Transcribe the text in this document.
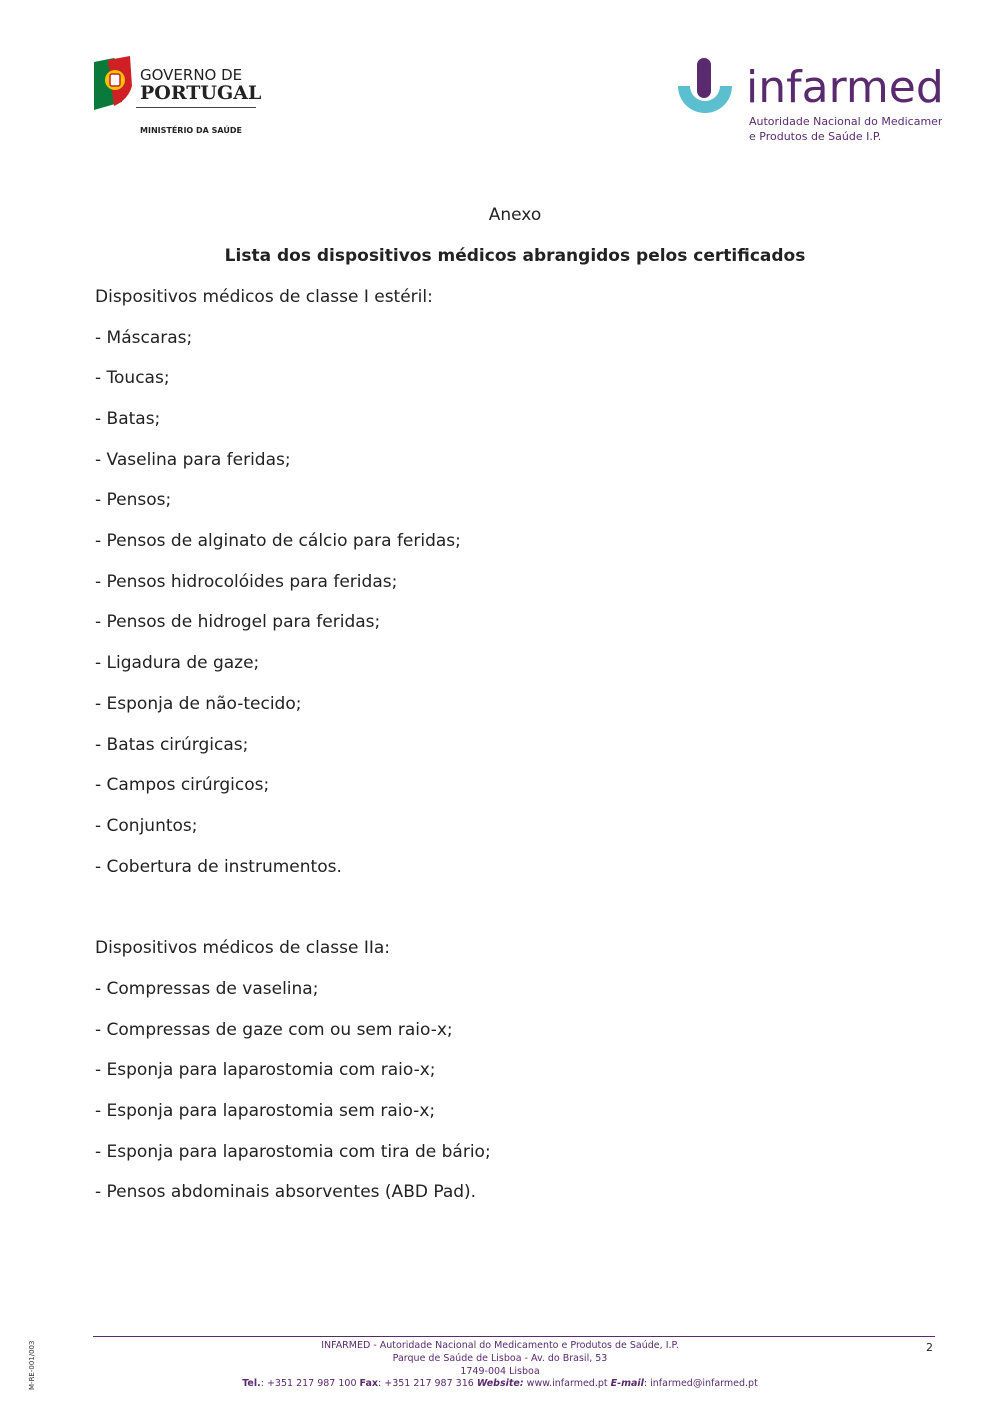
GOVERNO DE
PORTUGAL
MINISTÉRIO DA SAÚDE
infarmed
Autoridade Nacional do Medicamento
e Produtos de Saúde I.P.
Anexo
Lista dos dispositivos médicos abrangidos pelos certificados
Dispositivos médicos de classe I estéril:
- Máscaras;
- Toucas;
- Batas;
- Vaselina para feridas;
- Pensos;
- Pensos de alginato de cálcio para feridas;
- Pensos hidrocolóides para feridas;
- Pensos de hidrogel para feridas;
- Ligadura de gaze;
- Esponja de não-tecido;
- Batas cirúrgicas;
- Campos cirúrgicos;
- Conjuntos;
- Cobertura de instrumentos.
Dispositivos médicos de classe IIa:
- Compressas de vaselina;
- Compressas de gaze com ou sem raio-x;
- Esponja para laparostomia com raio-x;
- Esponja para laparostomia sem raio-x;
- Esponja para laparostomia com tira de bário;
- Pensos abdominais absorventes (ABD Pad).
INFARMED - Autoridade Nacional do Medicamento e Produtos de Saúde, I.P.
Parque de Saúde de Lisboa - Av. do Brasil, 53
1749-004 Lisboa
Tel.: +351 217 987 100 Fax: +351 217 987 316 Website: www.infarmed.pt E-mail: infarmed@infarmed.pt
2
M-RE-001/003
